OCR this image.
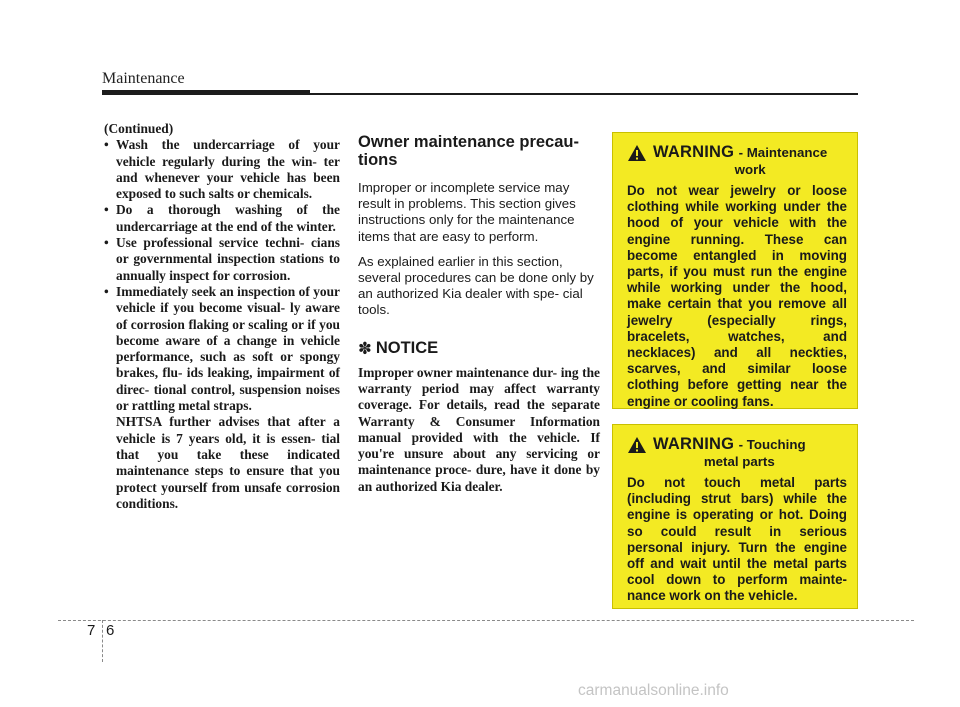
Maintenance
(Continued)
• Wash the undercarriage of your vehicle regularly during the win- ter and whenever your vehicle has been exposed to such salts or chemicals.
• Do a thorough washing of the undercarriage at the end of the winter.
• Use professional service techni- cians or governmental inspection stations to annually inspect for corrosion.
• Immediately seek an inspection of your vehicle if you become visual- ly aware of corrosion flaking or scaling or if you become aware of a change in vehicle performance, such as soft or spongy brakes, flu- ids leaking, impairment of direc- tional control, suspension noises or rattling metal straps.
NHTSA further advises that after a vehicle is 7 years old, it is essen- tial that you take these indicated maintenance steps to ensure that you protect yourself from unsafe corrosion conditions.
Owner maintenance precau- tions
Improper or incomplete service may result in problems. This section gives instructions only for the maintenance items that are easy to perform.
As explained earlier in this section, several procedures can be done only by an authorized Kia dealer with spe- cial tools.
✽ NOTICE
Improper owner maintenance dur- ing the warranty period may affect warranty coverage. For details, read the separate Warranty & Consumer Information manual provided with the vehicle. If you're unsure about any servicing or maintenance proce- dure, have it done by an authorized Kia dealer.
WARNING - Maintenance
work
Do not wear jewelry or loose clothing while working under the hood of your vehicle with the engine running. These can become entangled in moving parts, if you must run the engine while working under the hood, make certain that you remove all jewelry (especially rings, bracelets, watches, and necklaces) and all neckties, scarves, and similar loose clothing before getting near the engine or cooling fans.
WARNING - Touching
metal parts
Do not touch metal parts (including strut bars) while the engine is operating or hot. Doing so could result in serious personal injury. Turn the engine off and wait until the metal parts cool down to perform mainte- nance work on the vehicle.
7 6
carmanualsonline.info
